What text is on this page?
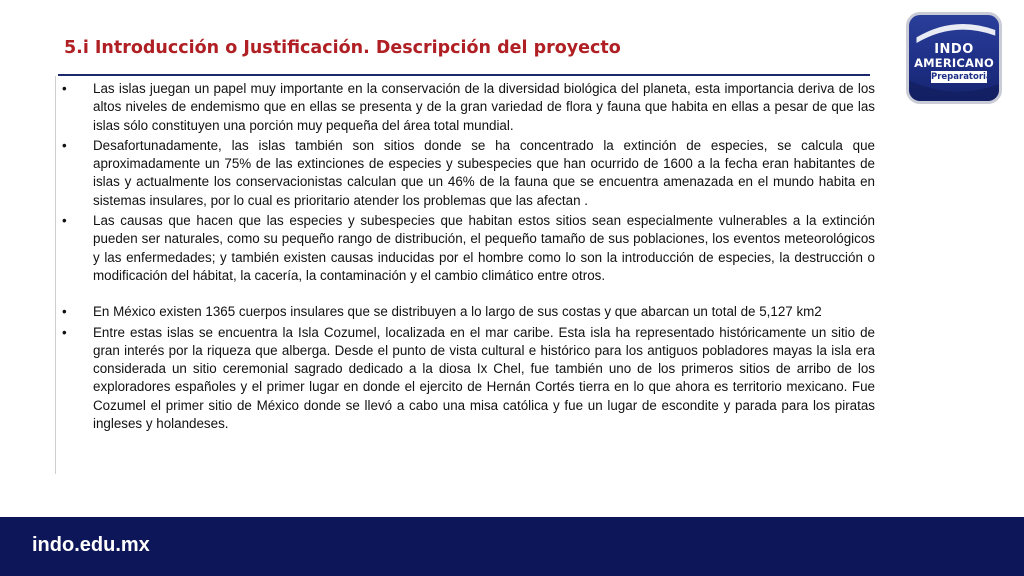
5.i Introducción o Justificación. Descripción del proyecto	INDO
AMERICANO
Preparatoria
•	Las islas juegan un papel muy importante en la conservación de la diversidad biológica del planeta, esta importancia deriva de los altos niveles de endemismo que en ellas se presenta y de la gran variedad de flora y fauna que habita en ellas a pesar de que las islas sólo constituyen una porción muy pequeña del área total mundial.
•	Desafortunadamente, las islas también son sitios donde se ha concentrado la extinción de especies, se calcula que aproximadamente un 75% de las extinciones de especies y subespecies que han ocurrido de 1600 a la fecha eran habitantes de islas y actualmente los conservacionistas calculan que un 46% de la fauna que se encuentra amenazada en el mundo habita en sistemas insulares, por lo cual es prioritario atender los problemas que las afectan .
•	Las causas que hacen que las especies y subespecies que habitan estos sitios sean especialmente vulnerables a la extinción pueden ser naturales, como su pequeño rango de distribución, el pequeño tamaño de sus poblaciones, los eventos meteorológicos y las enfermedades; y también existen causas inducidas por el hombre como lo son la introducción de especies, la destrucción o modificación del hábitat, la cacería, la contaminación y el cambio climático entre otros.
•	En México existen 1365 cuerpos insulares que se distribuyen a lo largo de sus costas y que abarcan un total de 5,127 km2
•	Entre estas islas se encuentra la Isla Cozumel, localizada en el mar caribe. Esta isla ha representado históricamente un sitio de gran interés por la riqueza que alberga. Desde el punto de vista cultural e histórico para los antiguos pobladores mayas la isla era considerada un sitio ceremonial sagrado dedicado a la diosa Ix Chel, fue también uno de los primeros sitios de arribo de los exploradores españoles y el primer lugar en donde el ejercito de Hernán Cortés tierra en lo que ahora es territorio mexicano. Fue Cozumel el primer sitio de México donde se llevó a cabo una misa católica y fue un lugar de escondite y parada para los piratas ingleses y holandeses.
indo.edu.mx
